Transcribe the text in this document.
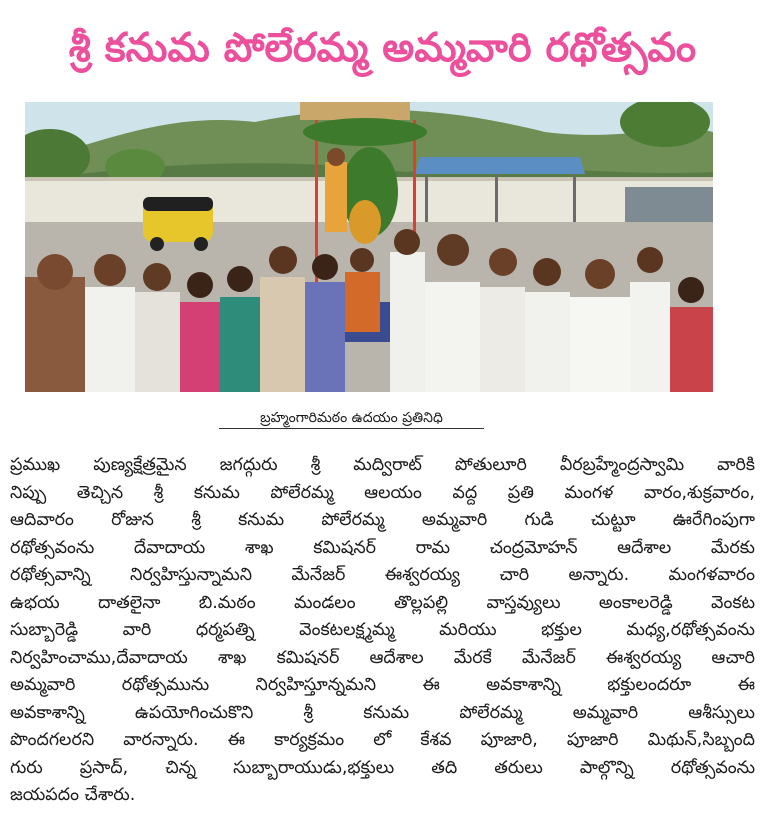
శ్రీ కనుమ పోలేరమ్మ అమ్మవారి రథోత్సవం
బ్రహ్మంగారిమఠం ఉదయం ప్రతినిధి
ప్రముఖ పుణ్యక్షేత్రమైన జగద్గురు శ్రీ మద్విరాట్ పోతులూరి వీరబ్రహ్మేంద్రస్వామి వారికి
నిప్పు తెచ్చిన శ్రీ కనుమ పోలేరమ్మ ఆలయం వద్ద ప్రతి మంగళ వారం,శుక్రవారం,
ఆదివారం రోజున శ్రీ కనుమ పోలేరమ్మ అమ్మవారి గుడి చుట్టూ ఊరేగింపుగా
రథోత్సవంను దేవాదాయ శాఖ కమిషనర్ రామ చంద్రమోహన్ ఆదేశాల మేరకు
రథోత్సవాన్ని నిర్వహిస్తున్నామని మేనేజర్ ఈశ్వరయ్య చారి అన్నారు. మంగళవారం
ఉభయ దాతలైనా బి.మఠం మండలం తొల్లపల్లి వాస్తవ్యులు అంకాలరెడ్డి వెంకట
సుబ్బారెడ్డి వారి ధర్మపత్ని వెంకటలక్ష్మమ్మ మరియు భక్తుల మధ్య,రథోత్సవంను
నిర్వహించాము,దేవాదాయ శాఖ కమిషనర్ ఆదేశాల మేరకే మేనేజర్ ఈశ్వరయ్య ఆచారి
అమ్మవారి రథోత్సమును నిర్వహిస్తూన్నమని ఈ అవకాశాన్ని భక్తులందరూ ఈ
అవకాశాన్ని ఉపయోగించుకొని శ్రీ కనుమ పోలేరమ్మ అమ్మవారి ఆశీస్సులు
పొందగలరని వారన్నారు. ఈ కార్యక్రమం లో కేశవ పూజారి, పూజారి మిథున్,సిబ్బంది
గురు ప్రసాద్, చిన్న సుబ్బారాయుడు,భక్తులు తది తరులు పాల్గొన్ని రథోత్సవంను
జయపదం చేశారు.
